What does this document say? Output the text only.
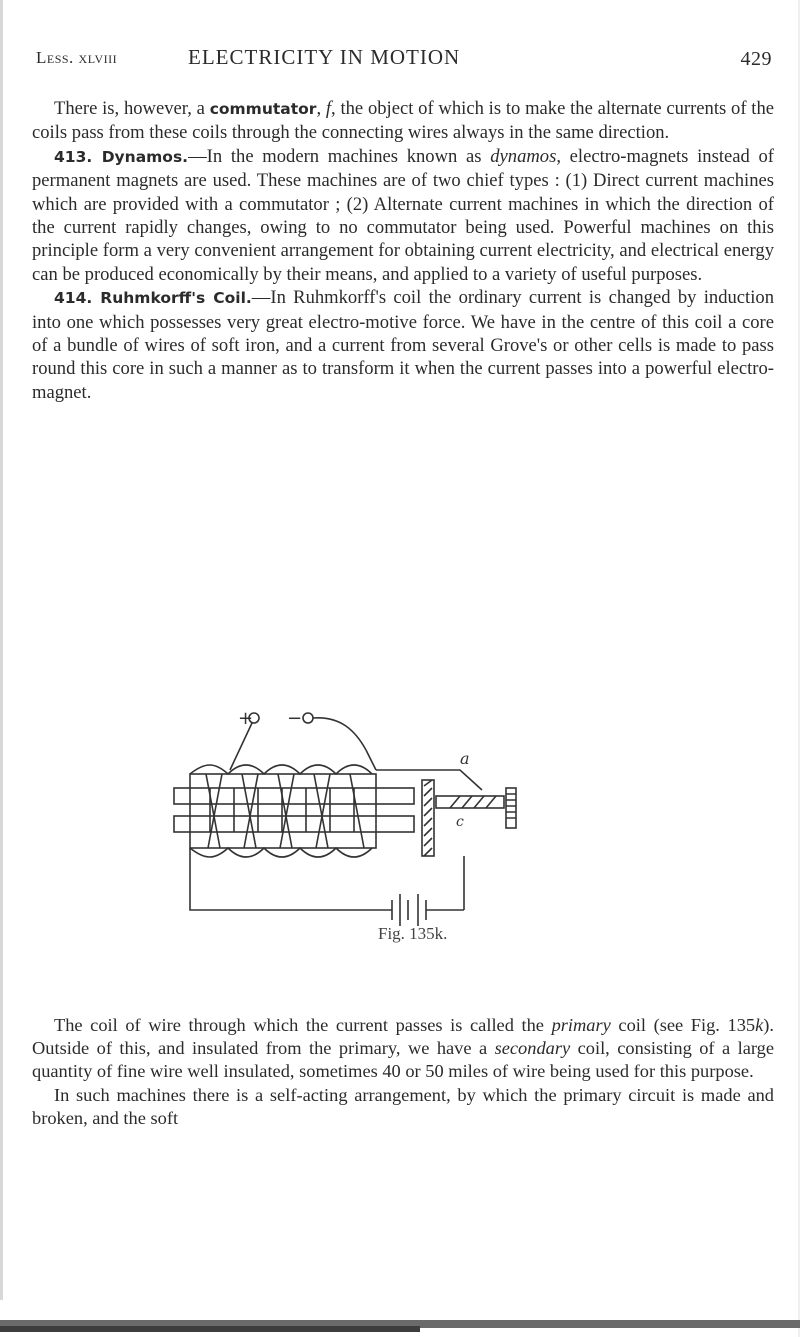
Less. xlviii	ELECTRICITY IN MOTION	429

There is, however, a commutator, f, the object of which is to make the alternate currents of the coils pass from these coils through the connecting wires always in the same direction.

413. Dynamos.—In the modern machines known as dynamos, electro-magnets instead of permanent magnets are used. These machines are of two chief types : (1) Direct current machines which are provided with a commutator ; (2) Alternate current machines in which the direction of the current rapidly changes, owing to no commutator being used. Powerful machines on this principle form a very convenient arrangement for obtaining current electricity, and electrical energy can be produced economically by their means, and applied to a variety of useful purposes.

414. Ruhmkorff's Coil.—In Ruhmkorff's coil the ordinary current is changed by induction into one which possesses very great electro-motive force. We have in the centre of this coil a core of a bundle of wires of soft iron, and a current from several Grove's or other cells is made to pass round this core in such a manner as to transform it when the current passes into a powerful electro-magnet.

+ −
a
c
Fig. 135k.

The coil of wire through which the current passes is called the primary coil (see Fig. 135k). Outside of this, and insulated from the primary, we have a secondary coil, consisting of a large quantity of fine wire well insulated, sometimes 40 or 50 miles of wire being used for this purpose.

In such machines there is a self-acting arrangement, by which the primary circuit is made and broken, and the soft
